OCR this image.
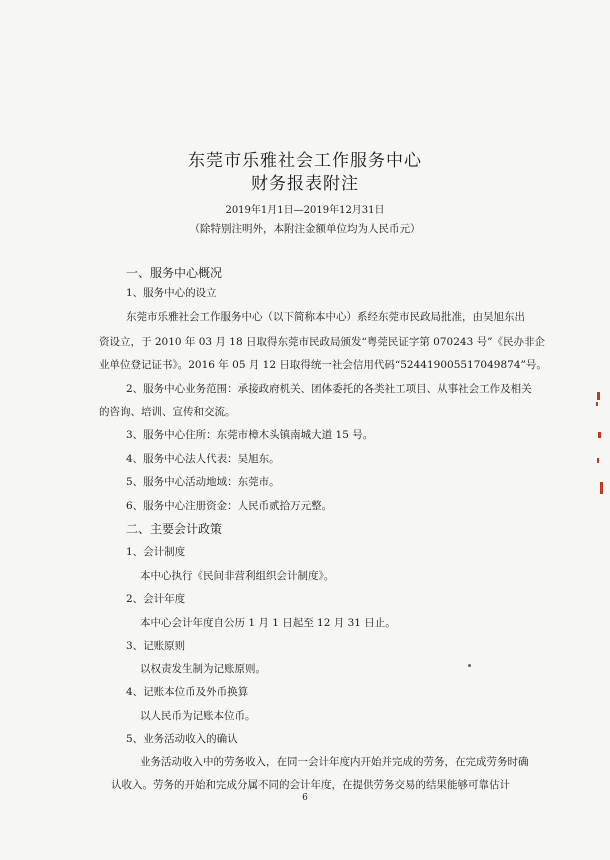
东莞市乐雅社会工作服务中心
财务报表附注
2019年1月1日—2019年12月31日
（除特别注明外，本附注金额单位均为人民币元）
一、服务中心概况
1、服务中心的设立
东莞市乐雅社会工作服务中心（以下简称本中心）系经东莞市民政局批准，由吴旭东出
资设立，于 2010 年 03 月 18 日取得东莞市民政局颁发“粤莞民证字第 070243 号”《民办非企
业单位登记证书》。2016 年 05 月 12 日取得统一社会信用代码“524419005517049874”号。
2、服务中心业务范围：承接政府机关、团体委托的各类社工项目、从事社会工作及相关
的咨询、培训、宣传和交流。
3、服务中心住所：东莞市樟木头镇南城大道 15 号。
4、服务中心法人代表：吴旭东。
5、服务中心活动地域：东莞市。
6、服务中心注册资金：人民币贰拾万元整。
二、主要会计政策
1、会计制度
本中心执行《民间非营利组织会计制度》。
2、会计年度
本中心会计年度自公历 1 月 1 日起至 12 月 31 日止。
3、记账原则
以权责发生制为记账原则。
4、记账本位币及外币换算
以人民币为记账本位币。
5、业务活动收入的确认
业务活动收入中的劳务收入，在同一会计年度内开始并完成的劳务，在完成劳务时确
认收入。劳务的开始和完成分属不同的会计年度，在提供劳务交易的结果能够可靠估计
6
